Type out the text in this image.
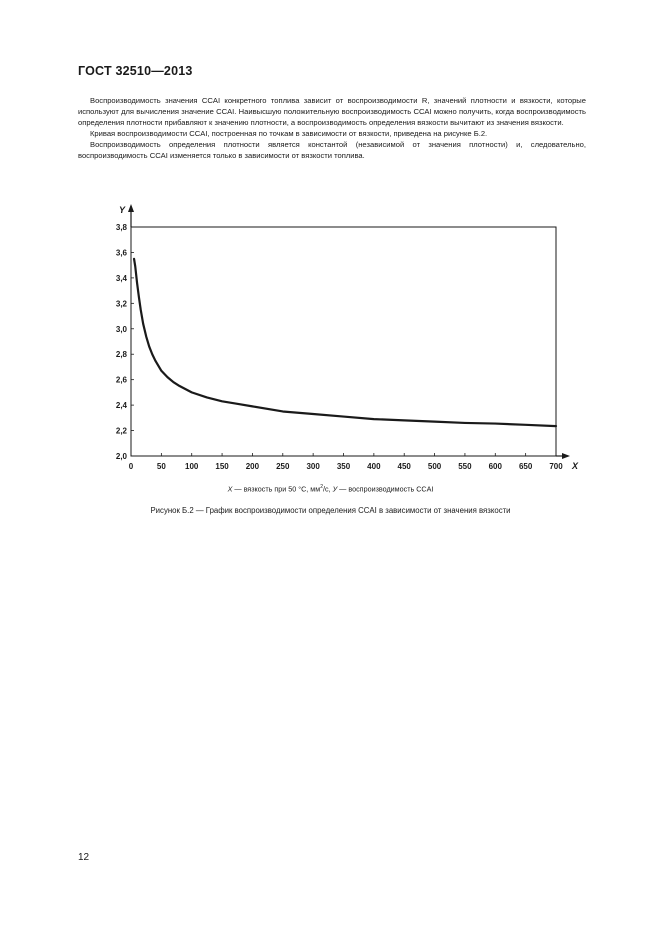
ГОСТ 32510—2013

Воспроизводимость значения CCAI конкретного топлива зависит от воспроизводимости R, значений плотности и вязкости, которые используют для вычисления значение CCAI. Наивысшую положительную воспроизводимость CCAI можно получить, когда воспроизводимость определения плотности прибавляют к значению плотности, а воспроизводимость определения вязкости вычитают из значения вязкости.

Кривая воспроизводимости CCAI, построенная по точкам в зависимости от вязкости, приведена на рисунке Б.2.

Воспроизводимость определения плотности является константой (независимой от значения плотности) и, следовательно, воспроизводимость CCAI изменяется только в зависимости от вязкости топлива.

Y
X
0	50 100 150 200 250 300 350 400 450 500 550 600 650 700
2,0
2,2
2,4
2,6
2,8
3,0
3,2
3,4
3,6
3,8
X — вязкость при 50 °С, $мм^2/с$, У — воспроизводимость CCAI
Рисунок Б.2 — График воспроизводимости определения CCAI в зависимости от значения вязкости
12
